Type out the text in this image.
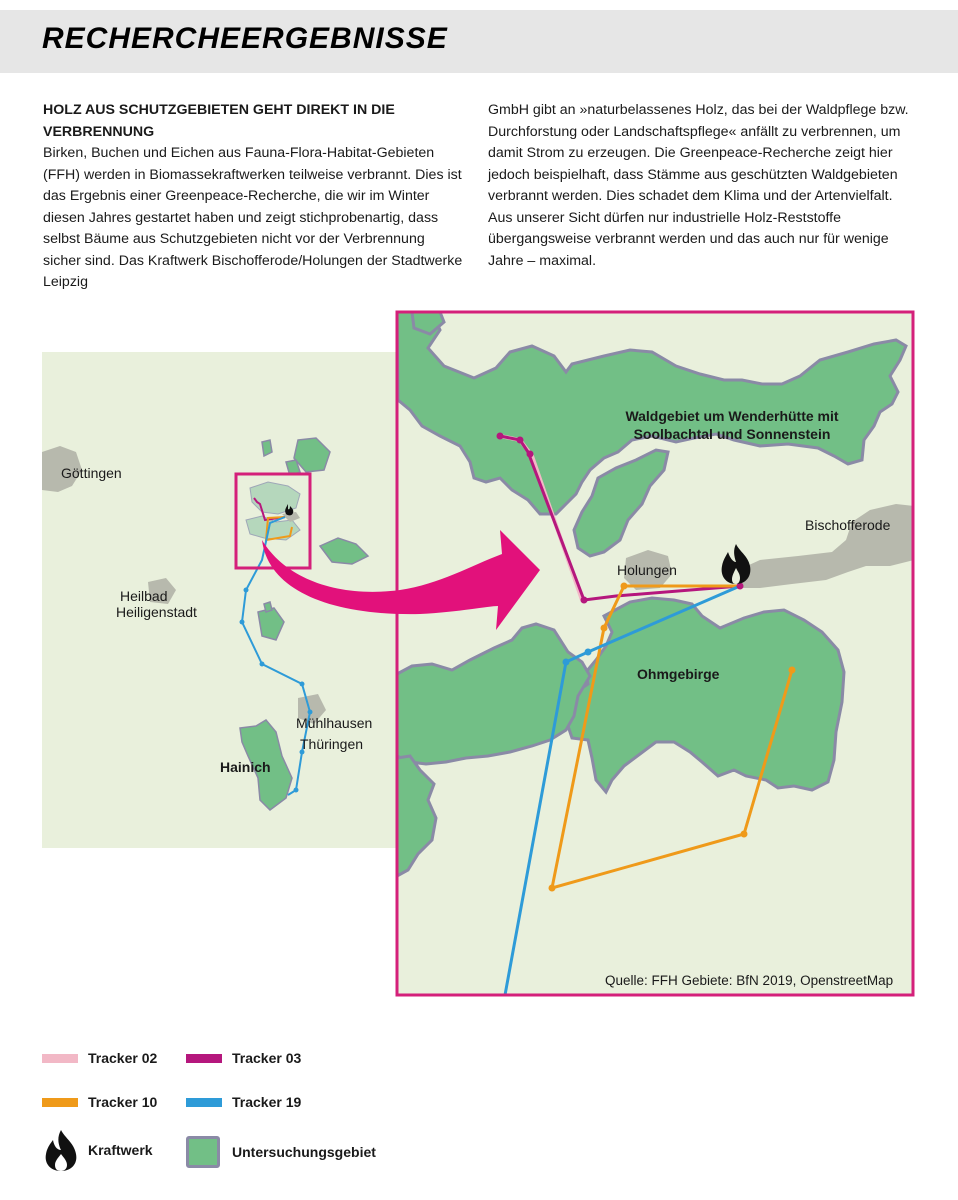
RECHERCHEERGEBNISSE
HOLZ AUS SCHUTZGEBIETEN GEHT DIREKT IN DIE VERBRENNUNG
Birken, Buchen und Eichen aus Fauna-Flora-Habitat-Gebieten (FFH) werden in Biomassekraftwerken teilweise verbrannt. Dies ist das Ergebnis einer Greenpeace-Recherche, die wir im Winter diesen Jahres gestartet haben und zeigt stichprobenartig, dass selbst Bäume aus Schutzgebieten nicht vor der Verbrennung sicher sind. Das Kraftwerk Bischofferode/Holungen der Stadtwerke Leipzig
GmbH gibt an »naturbelassenes Holz, das bei der Waldpflege bzw. Durchforstung oder Landschaftspflege« anfällt zu verbrennen, um damit Strom zu erzeugen. Die Greenpeace-Recherche zeigt hier jedoch beispielhaft, dass Stämme aus geschützten Waldgebieten verbrannt werden. Dies schadet dem Klima und der Artenvielfalt. Aus unserer Sicht dürfen nur industrielle Holz-Reststoffe übergangsweise verbrannt werden und das auch nur für wenige Jahre – maximal.
Göttingen
Heilbad
Heiligenstadt
Mühlhausen
Thüringen
Hainich
Waldgebiet um Wenderhütte mit
Soolbachtal und Sonnenstein
Bischofferode
Holungen
Ohmgebirge
Quelle: FFH Gebiete: BfN 2019, OpenstreetMap
Tracker 02	Tracker 03
Tracker 10	Tracker 19
Kraftwerk	Untersuchungsgebiet
